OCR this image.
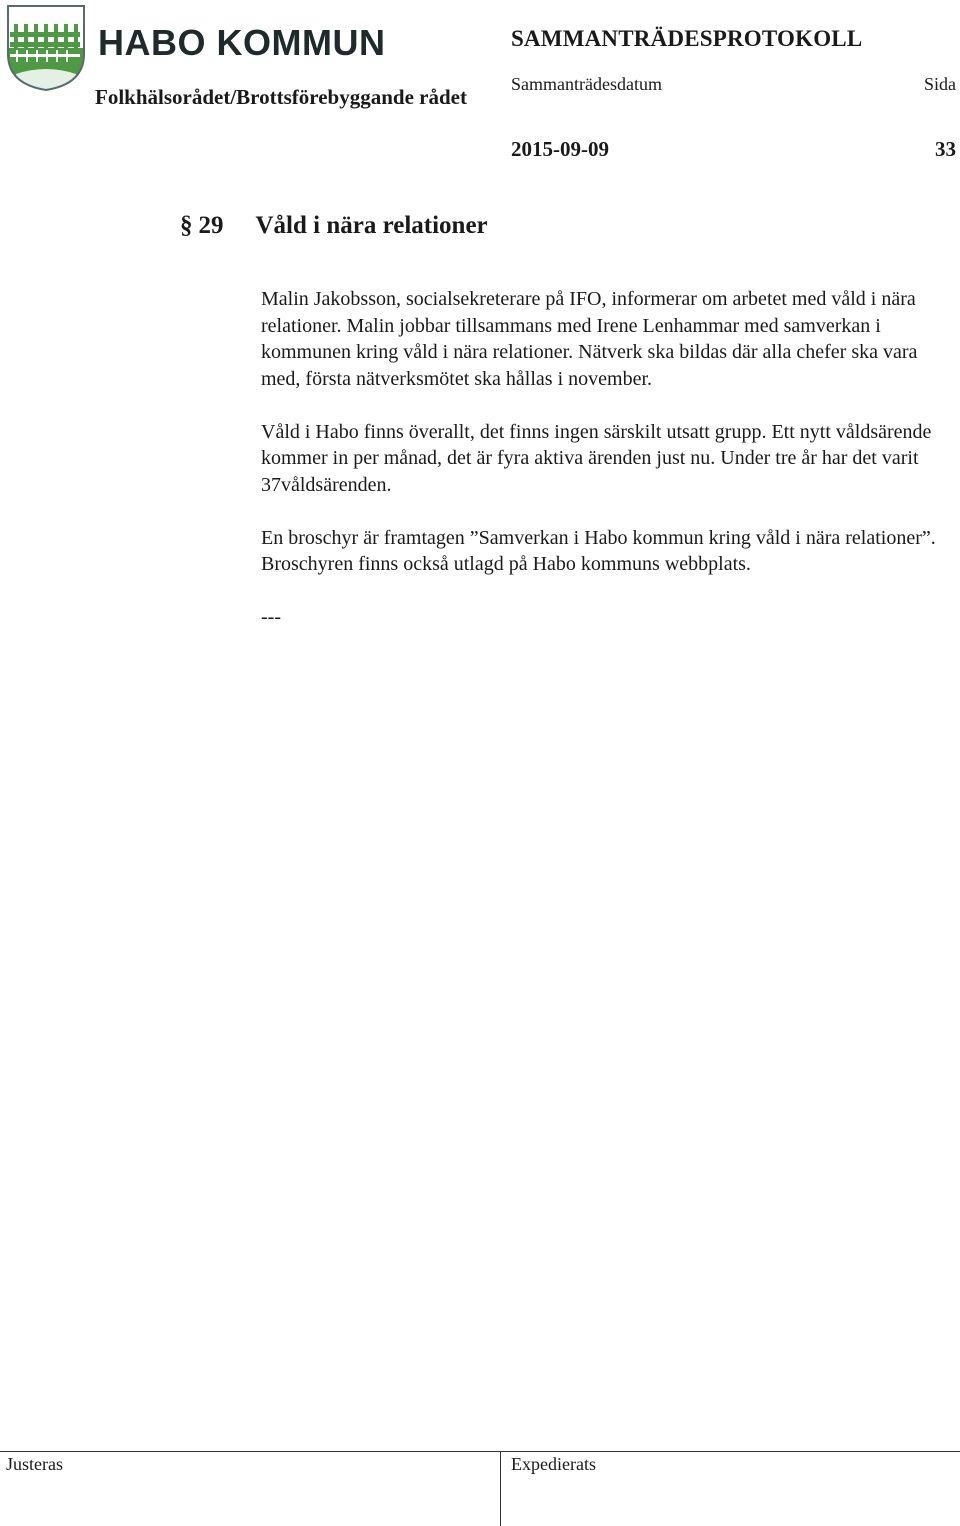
HABO KOMMUN	SAMMANTRÄDESPROTOKOLL
Folkhälsorådet/Brottsförebyggande rådet
Sammanträdesdatum	Sida
2015-09-09	33
§ 29 Våld i nära relationer

Malin Jakobsson, socialsekreterare på IFO, informerar om arbetet med våld i nära relationer. Malin jobbar tillsammans med Irene Lenhammar med samverkan i kommunen kring våld i nära relationer. Nätverk ska bildas där alla chefer ska vara med, första nätverksmötet ska hållas i november.

Våld i Habo finns överallt, det finns ingen särskilt utsatt grupp. Ett nytt våldsärende kommer in per månad, det är fyra aktiva ärenden just nu. Under tre år har det varit 37våldsärenden.

En broschyr är framtagen ”Samverkan i Habo kommun kring våld i nära relationer”. Broschyren finns också utlagd på Habo kommuns webbplats.

---

Justeras	Expedierats
